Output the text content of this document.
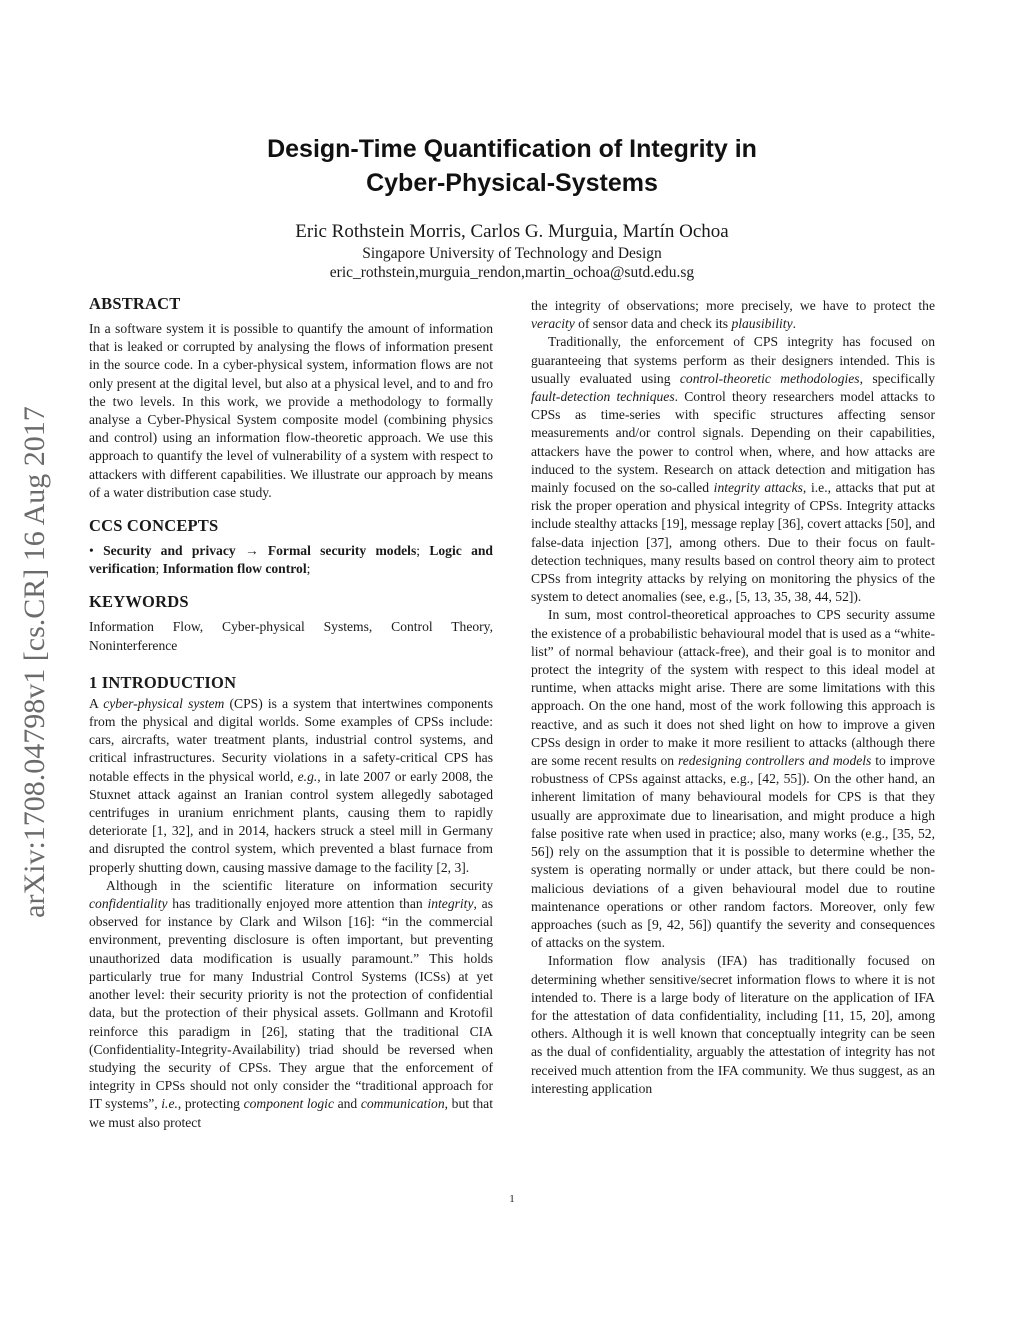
Design-Time Quantification of Integrity in
Cyber-Physical-Systems
Eric Rothstein Morris, Carlos G. Murguia, Martín Ochoa
Singapore University of Technology and Design
eric_rothstein,murguia_rendon,martin_ochoa@sutd.edu.sg
arXiv:1708.04798v1 [cs.CR] 16 Aug 2017
ABSTRACT

In a software system it is possible to quantify the amount of information that is leaked or corrupted by analysing the flows of information present in the source code. In a cyber-physical system, information flows are not only present at the digital level, but also at a physical level, and to and fro the two levels. In this work, we provide a methodology to formally analyse a Cyber-Physical System composite model (combining physics and control) using an information flow-theoretic approach. We use this approach to quantify the level of vulnerability of a system with respect to attackers with different capabilities. We illustrate our approach by means of a water distribution case study.

CCS CONCEPTS

• Security and privacy → Formal security models; Logic and verification; Information flow control;

KEYWORDS

Information Flow, Cyber-physical Systems, Control Theory, Noninterference

1 INTRODUCTION

A cyber-physical system (CPS) is a system that intertwines components from the physical and digital worlds. Some examples of CPSs include: cars, aircrafts, water treatment plants, industrial control systems, and critical infrastructures. Security violations in a safety-critical CPS has notable effects in the physical world, e.g., in late 2007 or early 2008, the Stuxnet attack against an Iranian control system allegedly sabotaged centrifuges in uranium enrichment plants, causing them to rapidly deteriorate [1, 32], and in 2014, hackers struck a steel mill in Germany and disrupted the control system, which prevented a blast furnace from properly shutting down, causing massive damage to the facility [2, 3].

Although in the scientific literature on information security confidentiality has traditionally enjoyed more attention than integrity, as observed for instance by Clark and Wilson [16]: “in the commercial environment, preventing disclosure is often important, but preventing unauthorized data modification is usually paramount.” This holds particularly true for many Industrial Control Systems (ICSs) at yet another level: their security priority is not the protection of confidential data, but the protection of their physical assets. Gollmann and Krotofil reinforce this paradigm in [26], stating that the traditional CIA (Confidentiality-Integrity-Availability) triad should be reversed when studying the security of CPSs. They argue that the enforcement of integrity in CPSs should not only consider the “traditional approach for IT systems”, i.e., protecting component logic and communication, but that we must also protect

the integrity of observations; more precisely, we have to protect the veracity of sensor data and check its plausibility.

Traditionally, the enforcement of CPS integrity has focused on guaranteeing that systems perform as their designers intended. This is usually evaluated using control-theoretic methodologies, specifically fault-detection techniques. Control theory researchers model attacks to CPSs as time-series with specific structures affecting sensor measurements and/or control signals. Depending on their capabilities, attackers have the power to control when, where, and how attacks are induced to the system. Research on attack detection and mitigation has mainly focused on the so-called integrity attacks, i.e., attacks that put at risk the proper operation and physical integrity of CPSs. Integrity attacks include stealthy attacks [19], message replay [36], covert attacks [50], and false-data injection [37], among others. Due to their focus on fault-detection techniques, many results based on control theory aim to protect CPSs from integrity attacks by relying on monitoring the physics of the system to detect anomalies (see, e.g., [5, 13, 35, 38, 44, 52]).

In sum, most control-theoretical approaches to CPS security assume the existence of a probabilistic behavioural model that is used as a “white-list” of normal behaviour (attack-free), and their goal is to monitor and protect the integrity of the system with respect to this ideal model at runtime, when attacks might arise. There are some limitations with this approach. On the one hand, most of the work following this approach is reactive, and as such it does not shed light on how to improve a given CPSs design in order to make it more resilient to attacks (although there are some recent results on redesigning controllers and models to improve robustness of CPSs against attacks, e.g., [42, 55]). On the other hand, an inherent limitation of many behavioural models for CPS is that they usually are approximate due to linearisation, and might produce a high false positive rate when used in practice; also, many works (e.g., [35, 52, 56]) rely on the assumption that it is possible to determine whether the system is operating normally or under attack, but there could be non-malicious deviations of a given behavioural model due to routine maintenance operations or other random factors. Moreover, only few approaches (such as [9, 42, 56]) quantify the severity and consequences of attacks on the system.

Information flow analysis (IFA) has traditionally focused on determining whether sensitive/secret information flows to where it is not intended to. There is a large body of literature on the application of IFA for the attestation of data confidentiality, including [11, 15, 20], among others. Although it is well known that conceptually integrity can be seen as the dual of confidentiality, arguably the attestation of integrity has not received much attention from the IFA community. We thus suggest, as an interesting application

1
